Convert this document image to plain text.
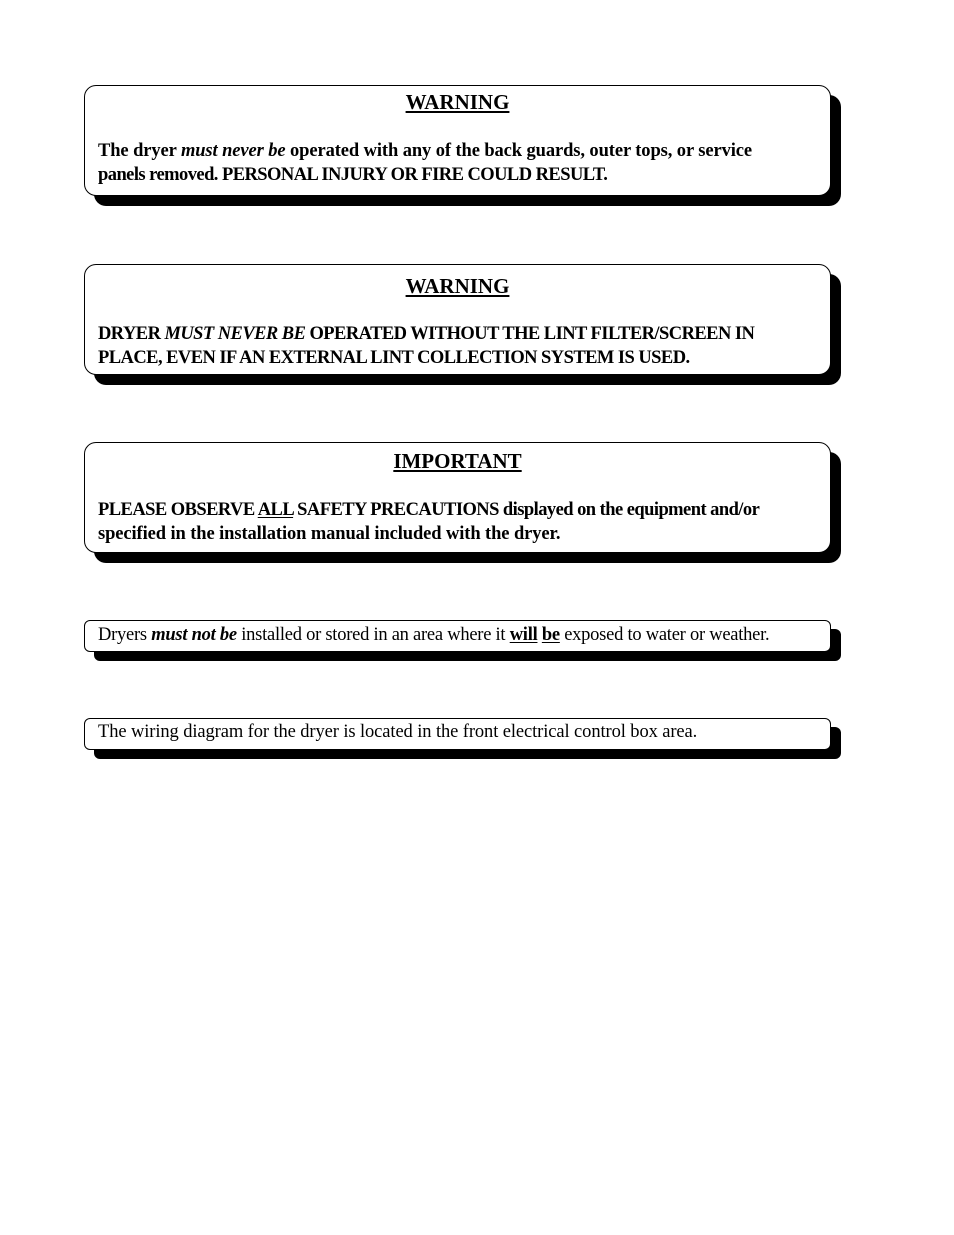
WARNING
The dryer must never be operated with any of the back guards, outer tops, or service
panels removed. PERSONAL INJURY OR FIRE COULD RESULT.
WARNING
DRYER MUST NEVER BE OPERATED WITHOUT THE LINT FILTER/SCREEN IN
PLACE, EVEN IF AN EXTERNAL LINT COLLECTION SYSTEM IS USED.
IMPORTANT
PLEASE OBSERVE ALL SAFETY PRECAUTIONS displayed on the equipment and/or
specified in the installation manual included with the dryer.
Dryers must not be installed or stored in an area where it will be exposed to water or weather.
The wiring diagram for the dryer is located in the front electrical control box area.
